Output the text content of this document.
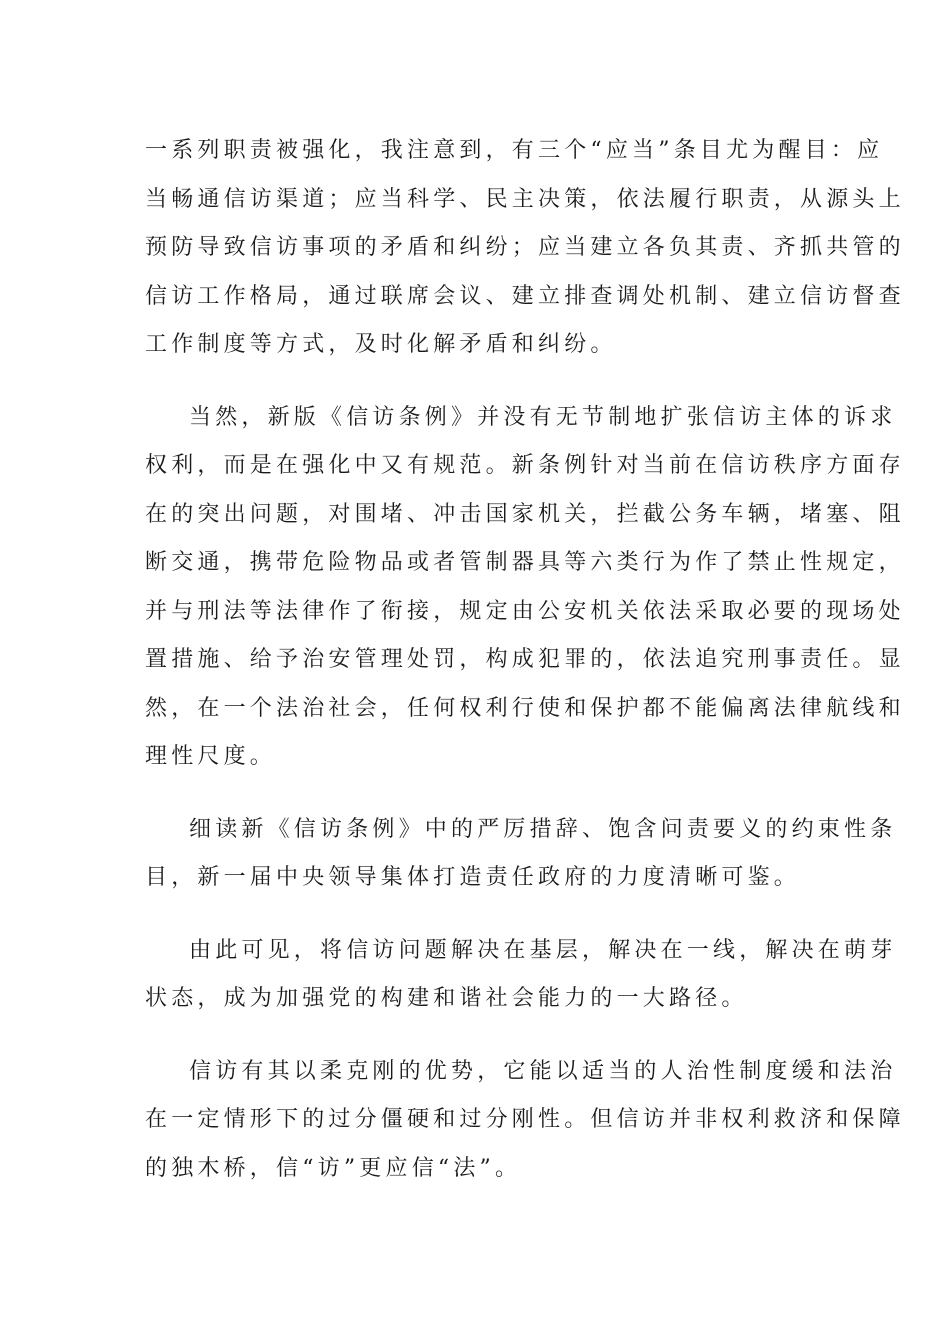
一系列职责被强化，我注意到，有三个“应当”条目尤为醒目：应
当畅通信访渠道；应当科学、民主决策，依法履行职责，从源头上
预防导致信访事项的矛盾和纠纷；应当建立各负其责、齐抓共管的
信访工作格局，通过联席会议、建立排查调处机制、建立信访督查
工作制度等方式，及时化解矛盾和纠纷。

当然，新版《信访条例》并没有无节制地扩张信访主体的诉求
权利，而是在强化中又有规范。新条例针对当前在信访秩序方面存
在的突出问题，对围堵、冲击国家机关，拦截公务车辆，堵塞、阻
断交通，携带危险物品或者管制器具等六类行为作了禁止性规定，
并与刑法等法律作了衔接，规定由公安机关依法采取必要的现场处
置措施、给予治安管理处罚，构成犯罪的，依法追究刑事责任。显
然，在一个法治社会，任何权利行使和保护都不能偏离法律航线和
理性尺度。

细读新《信访条例》中的严厉措辞、饱含问责要义的约束性条
目，新一届中央领导集体打造责任政府的力度清晰可鉴。

由此可见，将信访问题解决在基层，解决在一线，解决在萌芽
状态，成为加强党的构建和谐社会能力的一大路径。

信访有其以柔克刚的优势，它能以适当的人治性制度缓和法治
在一定情形下的过分僵硬和过分刚性。但信访并非权利救济和保障
的独木桥，信“访”更应信“法”。
